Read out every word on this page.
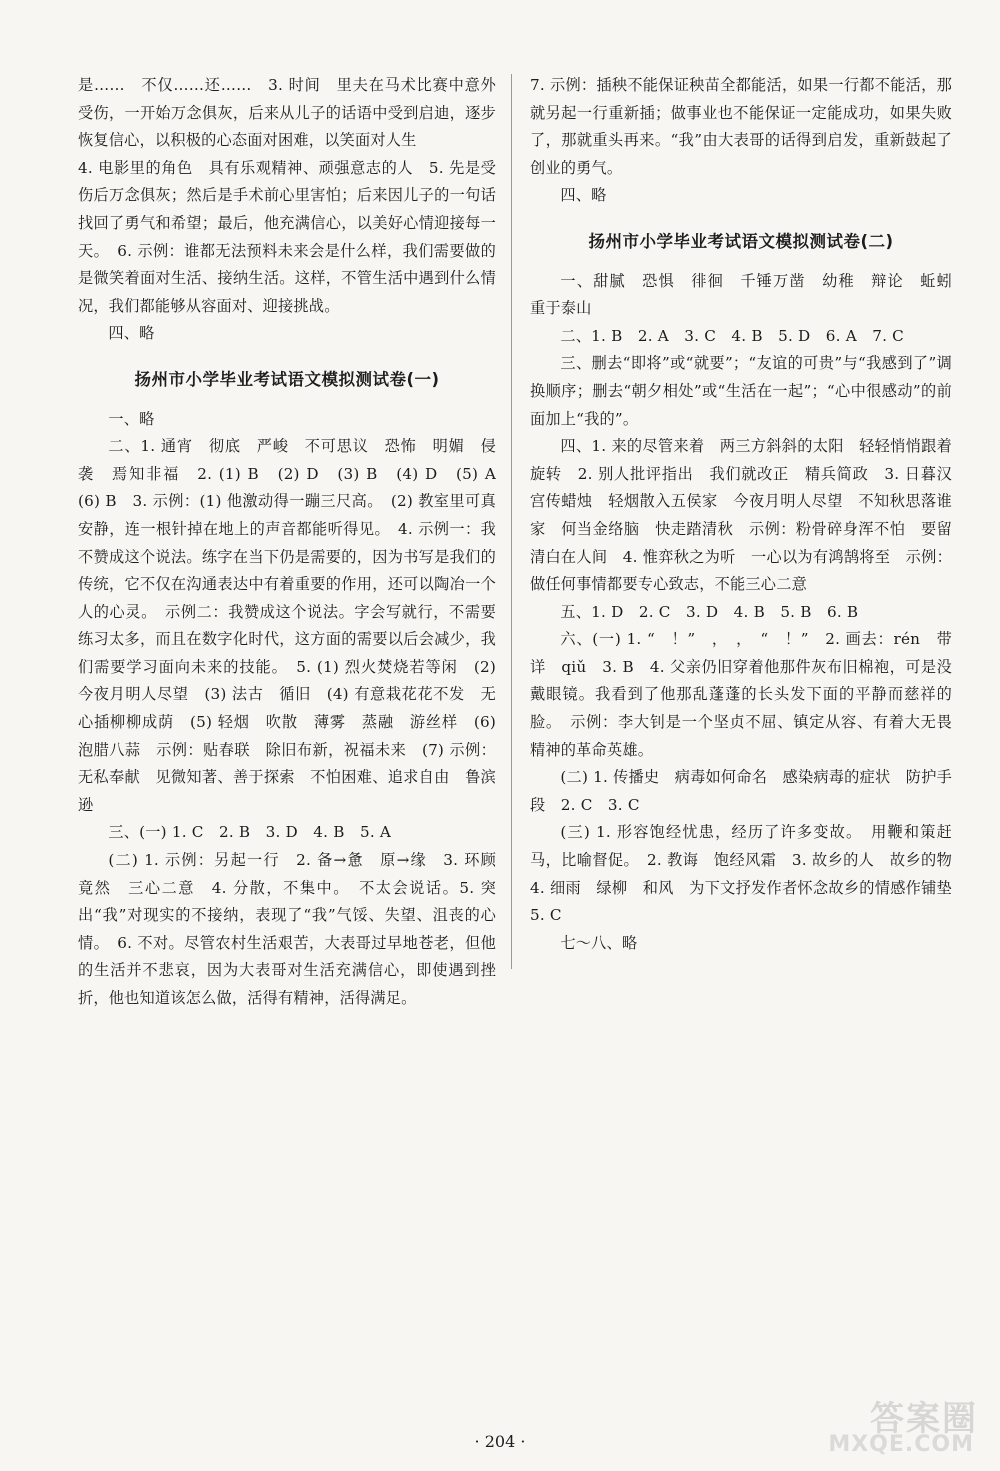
是……　不仅……还……　3. 时间　里夫在马术比赛中意外受伤，一开始万念俱灰，后来从儿子的话语中受到启迪，逐步恢复信心，以积极的心态面对困难，以笑面对人生

4. 电影里的角色　具有乐观精神、顽强意志的人　5. 先是受伤后万念俱灰；然后是手术前心里害怕；后来因儿子的一句话找回了勇气和希望；最后，他充满信心，以美好心情迎接每一天。　6. 示例：谁都无法预料未来会是什么样，我们需要做的是微笑着面对生活、接纳生活。这样，不管生活中遇到什么情况，我们都能够从容面对、迎接挑战。

四、略

扬州市小学毕业考试语文模拟测试卷(一)

一、略

二、1. 通宵　彻底　严峻　不可思议　恐怖　明媚　侵袭　焉知非福　2. (1) B　(2) D　(3) B　(4) D　(5) A　(6) B　3. 示例：(1) 他激动得一蹦三尺高。　(2) 教室里可真安静，连一根针掉在地上的声音都能听得见。　4. 示例一：我不赞成这个说法。练字在当下仍是需要的，因为书写是我们的传统，它不仅在沟通表达中有着重要的作用，还可以陶冶一个人的心灵。　示例二：我赞成这个说法。字会写就行，不需要练习太多，而且在数字化时代，这方面的需要以后会减少，我们需要学习面向未来的技能。　5. (1) 烈火焚烧若等闲　(2) 今夜月明人尽望　(3) 法古　循旧　(4) 有意栽花花不发　无心插柳柳成荫　(5) 轻烟　吹散　薄雾　蒸融　游丝样　(6) 泡腊八蒜　示例：贴春联　除旧布新，祝福未来　(7) 示例：无私奉献　见微知著、善于探索　不怕困难、追求自由　鲁滨逊

三、(一) 1. C　2. B　3. D　4. B　5. A

(二) 1. 示例：另起一行　2. 备→惫　原→缘　3. 环顾　竟然　三心二意　4. 分散，不集中。　不太会说话。5. 突出“我”对现实的不接纳，表现了“我”气馁、失望、沮丧的心情。　6. 不对。尽管农村生活艰苦，大表哥过早地苍老，但他的生活并不悲哀，因为大表哥对生活充满信心，即使遇到挫折，他也知道该怎么做，活得有精神，活得满足。

7. 示例：插秧不能保证秧苗全都能活，如果一行都不能活，那就另起一行重新插；做事业也不能保证一定能成功，如果失败了，那就重头再来。“我”由大表哥的话得到启发，重新鼓起了创业的勇气。

四、略

扬州市小学毕业考试语文模拟测试卷(二)

一、甜腻　恐惧　徘徊　千锤万凿　幼稚　辩论　蚯蚓　重于泰山

二、1. B　2. A　3. C　4. B　5. D　6. A　7. C

三、删去“即将”或“就要”；“友谊的可贵”与“我感到了”调换顺序；删去“朝夕相处”或“生活在一起”；“心中很感动”的前面加上“我的”。

四、1. 来的尽管来着　两三方斜斜的太阳　轻轻悄悄跟着旋转　2. 别人批评指出　我们就改正　精兵简政　3. 日暮汉宫传蜡烛　轻烟散入五侯家　今夜月明人尽望　不知秋思落谁家　何当金络脑　快走踏清秋　示例：粉骨碎身浑不怕　要留清白在人间　4. 惟弈秋之为听　一心以为有鸿鹄将至　示例：做任何事情都要专心致志，不能三心二意

五、1. D　2. C　3. D　4. B　5. B　6. B

六、(一) 1. “　！”　，　，　“　！”　2. 画去：rén　带　详　qiǔ　3. B　4. 父亲仍旧穿着他那件灰布旧棉袍，可是没戴眼镜。我看到了他那乱蓬蓬的长头发下面的平静而慈祥的脸。　示例：李大钊是一个坚贞不屈、镇定从容、有着大无畏精神的革命英雄。

(二) 1. 传播史　病毒如何命名　感染病毒的症状　防护手段　2. C　3. C

(三) 1. 形容饱经忧患，经历了许多变故。　用鞭和策赶马，比喻督促。　2. 教诲　饱经风霜　3. 故乡的人　故乡的物　4. 细雨　绿柳　和风　为下文抒发作者怀念故乡的情感作铺垫　5. C

七～八、略

· 204 ·
答案圈
MXQE.COM
